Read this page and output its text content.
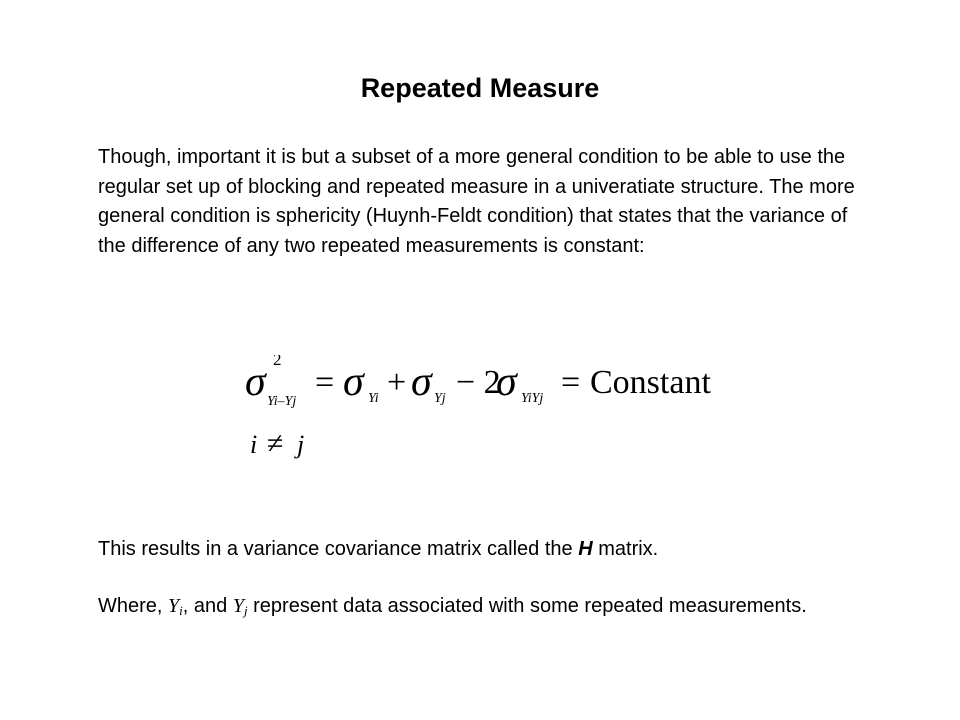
Repeated Measure
Though, important it is but a subset of a more general condition to be able to use the regular set up of blocking and repeated measure in a univeratiate structure. The more general condition is sphericity (Huynh-Feldt condition) that states that the variance of the difference of any two repeated measurements is constant:
σ 2
Yi–Yj
= σ Yi + σ Yj − 2
σ YiYj = Constant
i ≠ j
This results in a variance covariance matrix called the H matrix.
Where, $Y_i$, and $Y_j$ represent data associated with some repeated measurements.
